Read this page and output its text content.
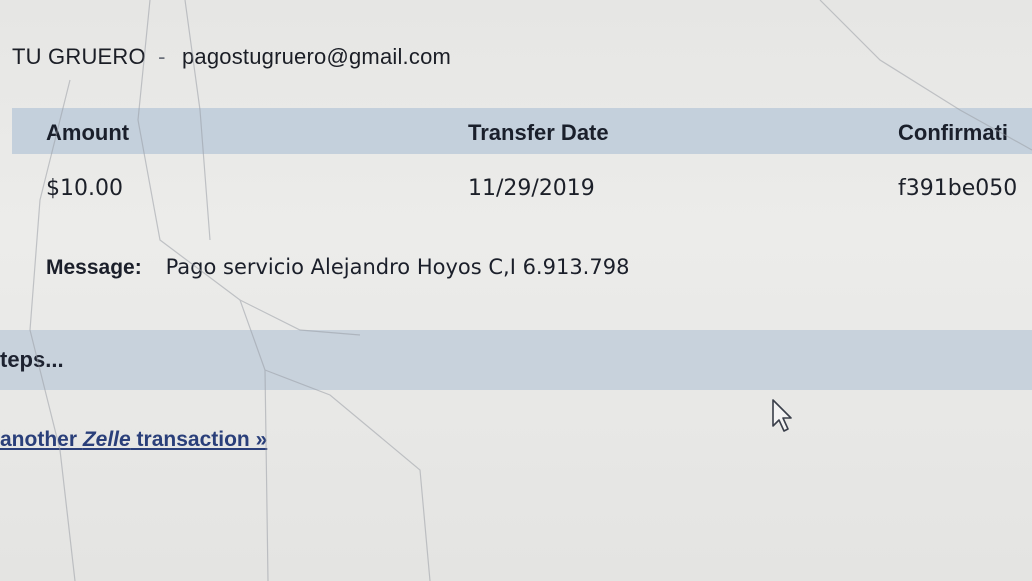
TU GRUERO - pagostugruero@gmail.com
Amount	Transfer Date	Confirmati
$10.00	11/29/2019	f391be050
Message: Pago servicio Alejandro Hoyos C,I 6.913.798
teps...
another Zelle transaction »
